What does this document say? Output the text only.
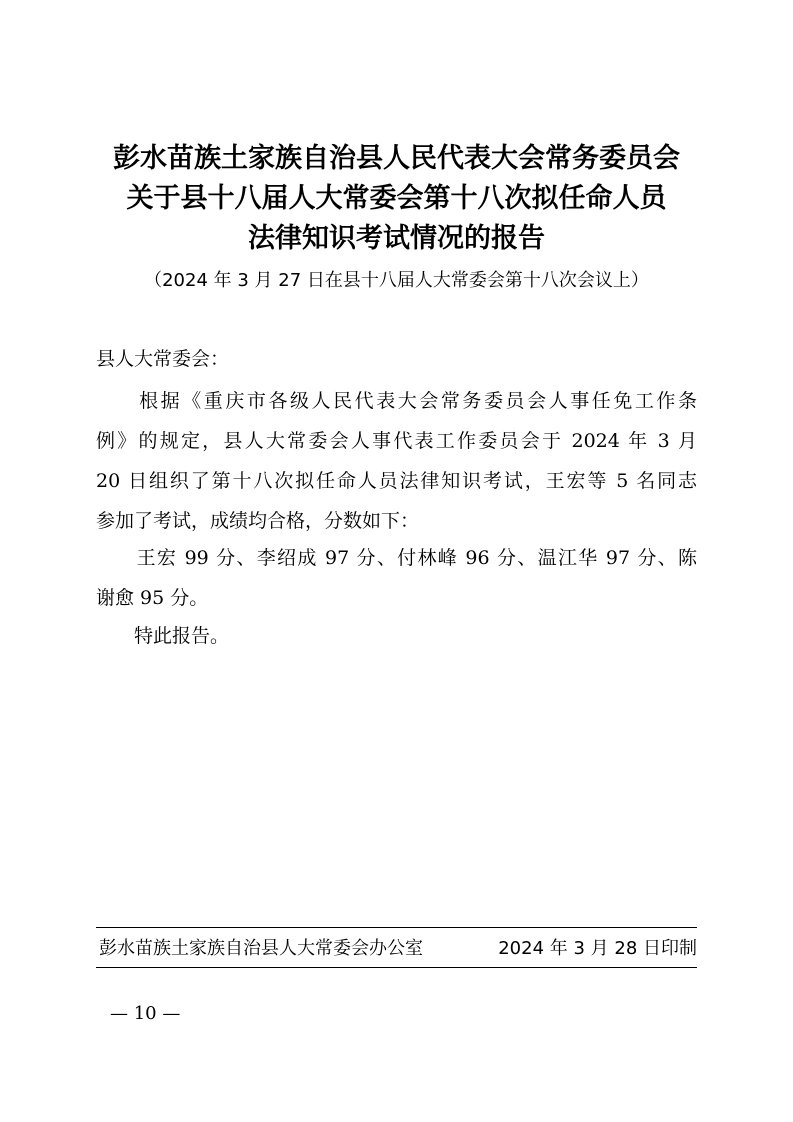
彭水苗族土家族自治县人民代表大会常务委员会
关于县十八届人大常委会第十八次拟任命人员
法律知识考试情况的报告
（2024 年 3 月 27 日在县十八届人大常委会第十八次会议上）
县人大常委会：
　　根据《重庆市各级人民代表大会常务委员会人事任免工作条
例》的规定，县人大常委会人事代表工作委员会于 2024 年 3 月
20 日组织了第十八次拟任命人员法律知识考试，王宏等 5 名同志
参加了考试，成绩均合格，分数如下：
　　王宏 99 分、李绍成 97 分、付林峰 96 分、温江华 97 分、陈
谢愈 95 分。
　　特此报告。
彭水苗族土家族自治县人大常委会办公室	2024 年 3 月 28 日印制
— 10 —
